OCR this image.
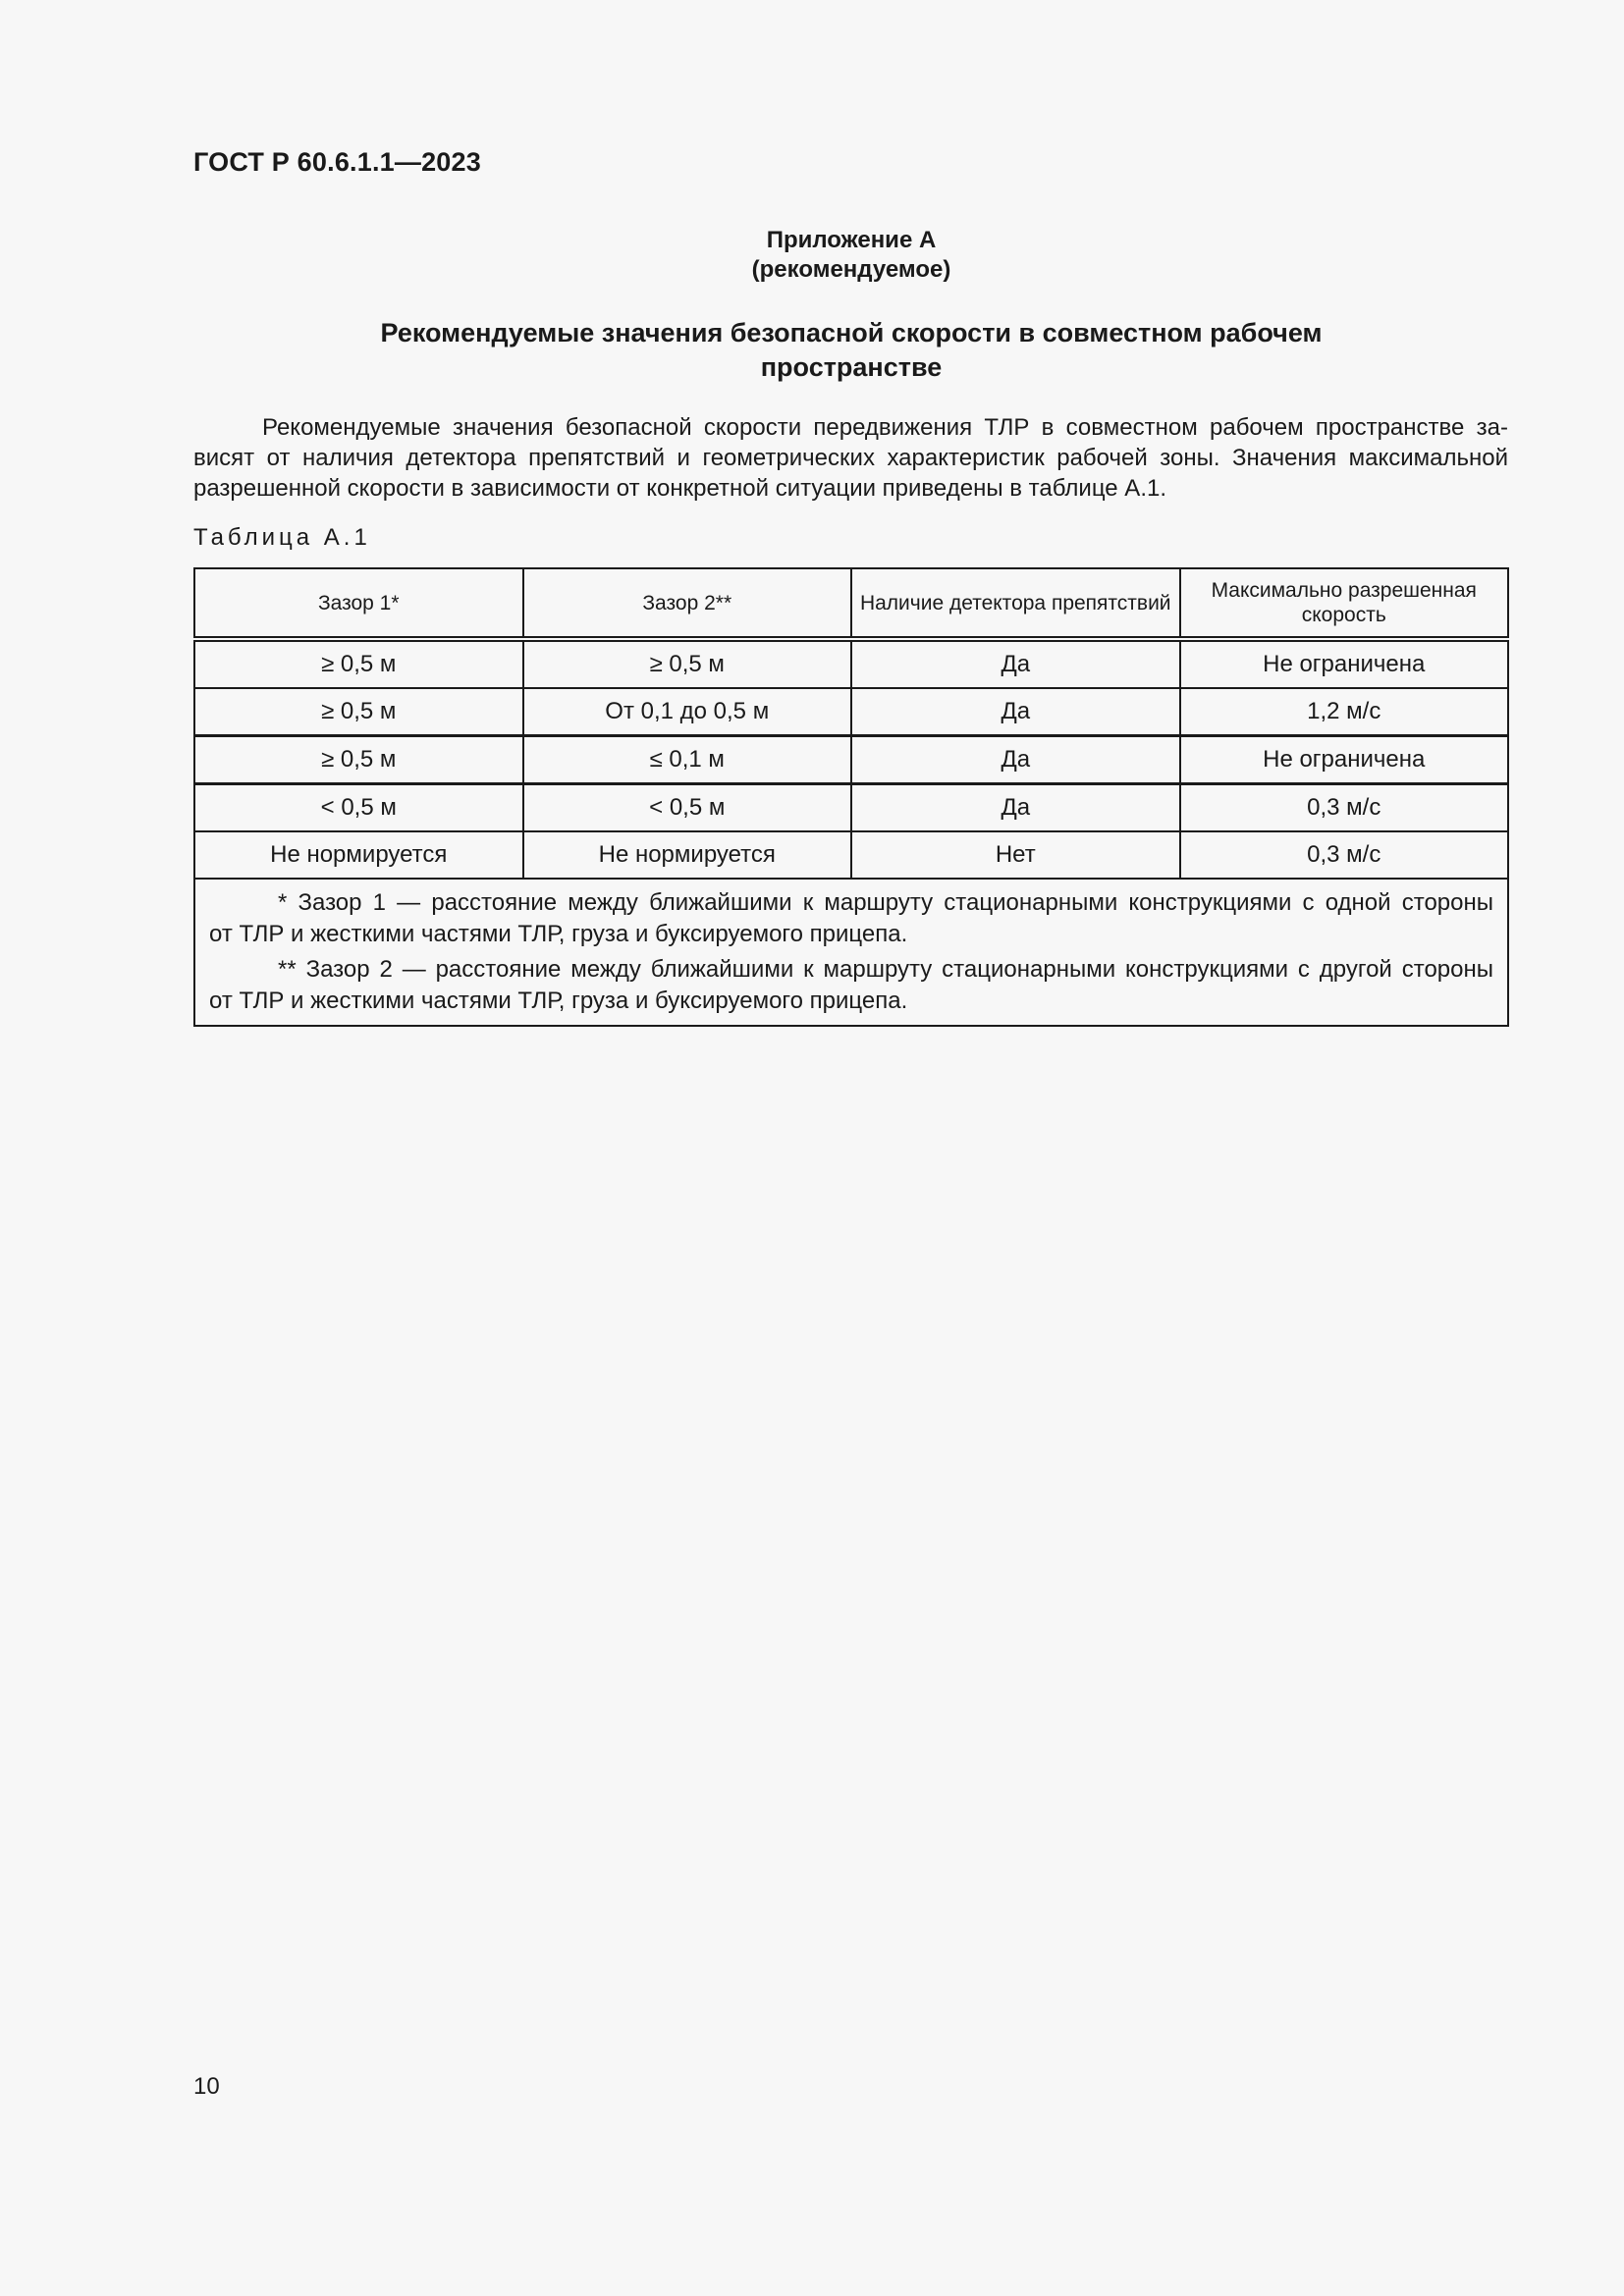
ГОСТ Р 60.6.1.1—2023
Приложение А
(рекомендуемое)
Рекомендуемые значения безопасной скорости в совместном рабочем
пространстве
Рекомендуемые значения безопасной скорости передвижения ТЛР в совместном рабочем пространстве за-
висят от наличия детектора препятствий и геометрических характеристик рабочей зоны. Значения максимальной
разрешенной скорости в зависимости от конкретной ситуации приведены в таблице А.1.
Таблица А.1
Зазор 1*	Зазор 2**	Наличие детектора препятствий	Максимально разрешенная скорость
≥ 0,5 м	≥ 0,5 м	Да	Не ограничена
≥ 0,5 м	От 0,1 до 0,5 м	Да	1,2 м/с
≥ 0,5 м	≤ 0,1 м	Да	Не ограничена
< 0,5 м	< 0,5 м	Да	0,3 м/с
Не нормируется	Не нормируется	Нет	0,3 м/с

* Зазор 1 — расстояние между ближайшими к маршруту стационарными конструкциями с одной стороны
от ТЛР и жесткими частями ТЛР, груза и буксируемого прицепа.
** Зазор 2 — расстояние между ближайшими к маршруту стационарными конструкциями с другой стороны
от ТЛР и жесткими частями ТЛР, груза и буксируемого прицепа.			
10
